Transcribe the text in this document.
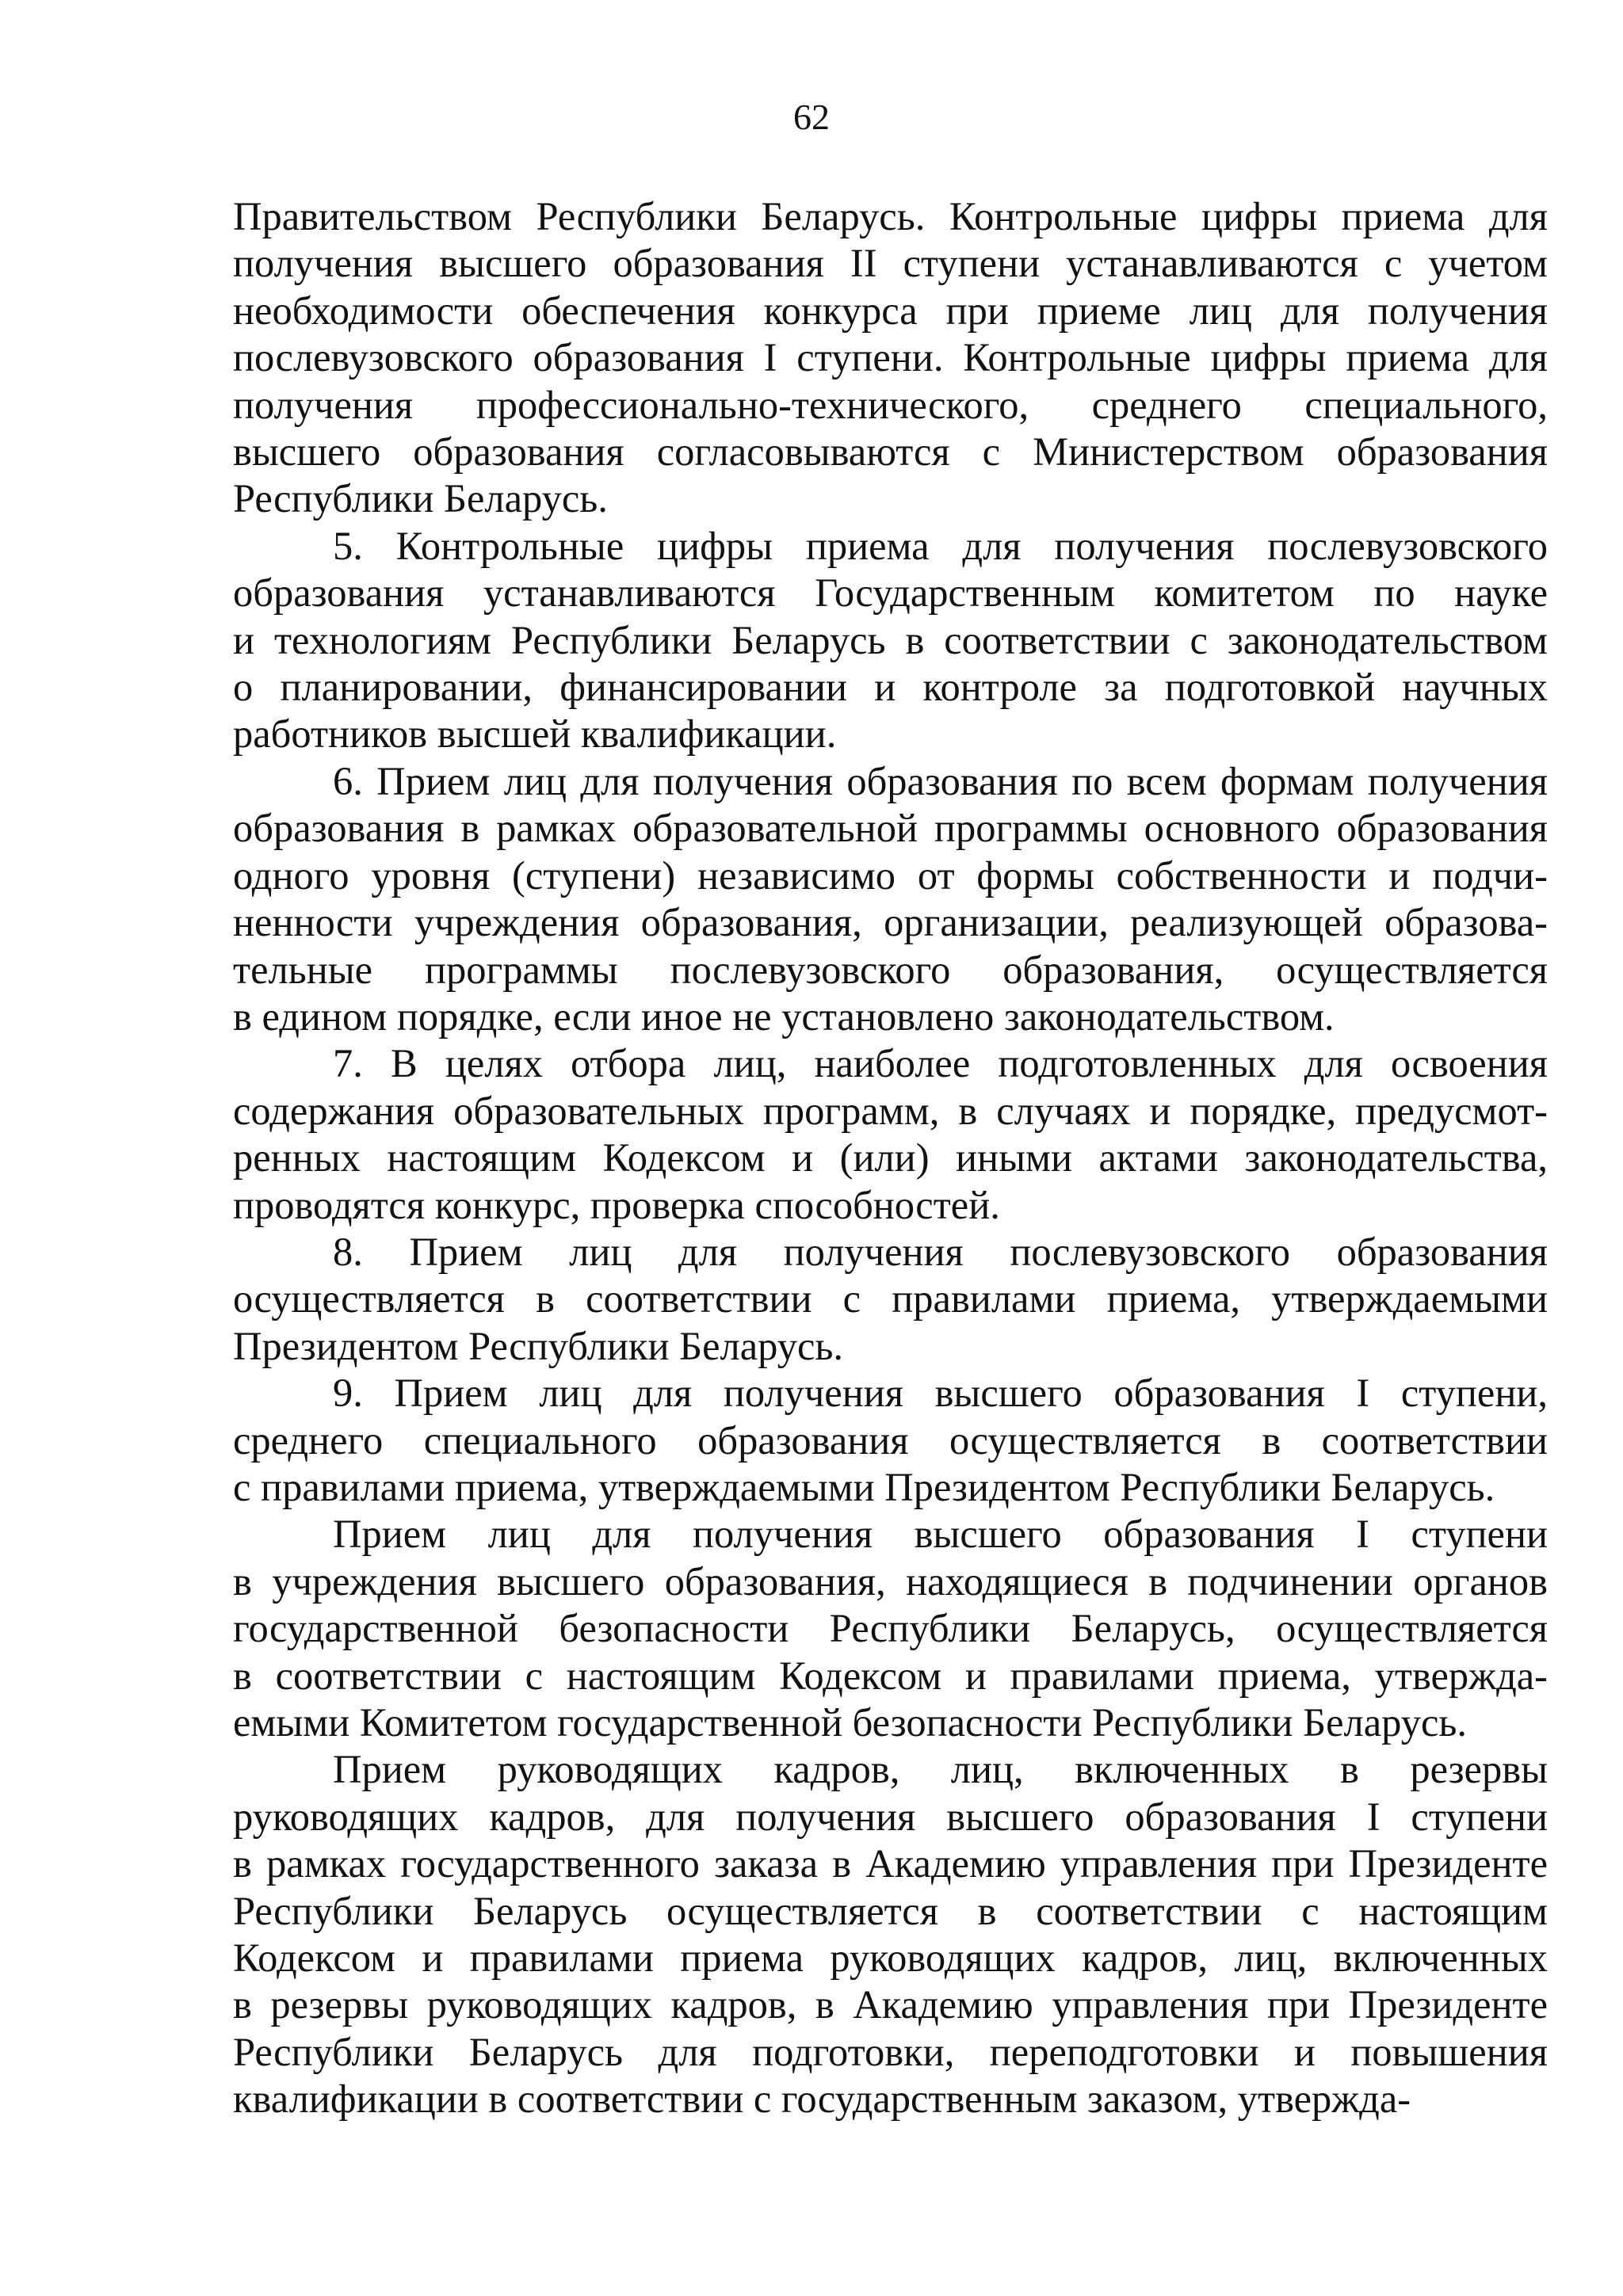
62

Правительством Республики Беларусь. Контрольные цифры приема для

получения высшего образования II ступени устанавливаются с учетом

необходимости обеспечения конкурса при приеме лиц для получения

послевузовского образования I ступени. Контрольные цифры приема для

получения профессионально-технического, среднего специального,

высшего образования согласовываются с Министерством образования

Республики Беларусь.

5. Контрольные цифры приема для получения послевузовского

образования устанавливаются Государственным комитетом по науке

и технологиям Республики Беларусь в соответствии с законодательством

о планировании, финансировании и контроле за подготовкой научных

работников высшей квалификации.

6. Прием лиц для получения образования по всем формам получения

образования в рамках образовательной программы основного образования

одного уровня (ступени) независимо от формы собственности и подчи-

ненности учреждения образования, организации, реализующей образова-

тельные программы послевузовского образования, осуществляется

в едином порядке, если иное не установлено законодательством.

7. В целях отбора лиц, наиболее подготовленных для освоения

содержания образовательных программ, в случаях и порядке, предусмот-

ренных настоящим Кодексом и (или) иными актами законодательства,

проводятся конкурс, проверка способностей.

8. Прием лиц для получения послевузовского образования

осуществляется в соответствии с правилами приема, утверждаемыми

Президентом Республики Беларусь.

9. Прием лиц для получения высшего образования I ступени,

среднего специального образования осуществляется в соответствии

с правилами приема, утверждаемыми Президентом Республики Беларусь.

Прием лиц для получения высшего образования I ступени

в учреждения высшего образования, находящиеся в подчинении органов

государственной безопасности Республики Беларусь, осуществляется

в соответствии с настоящим Кодексом и правилами приема, утвержда-

емыми Комитетом государственной безопасности Республики Беларусь.

Прием руководящих кадров, лиц, включенных в резервы

руководящих кадров, для получения высшего образования I ступени

в рамках государственного заказа в Академию управления при Президенте

Республики Беларусь осуществляется в соответствии с настоящим

Кодексом и правилами приема руководящих кадров, лиц, включенных

в резервы руководящих кадров, в Академию управления при Президенте

Республики Беларусь для подготовки, переподготовки и повышения

квалификации в соответствии с государственным заказом, утвержда-
